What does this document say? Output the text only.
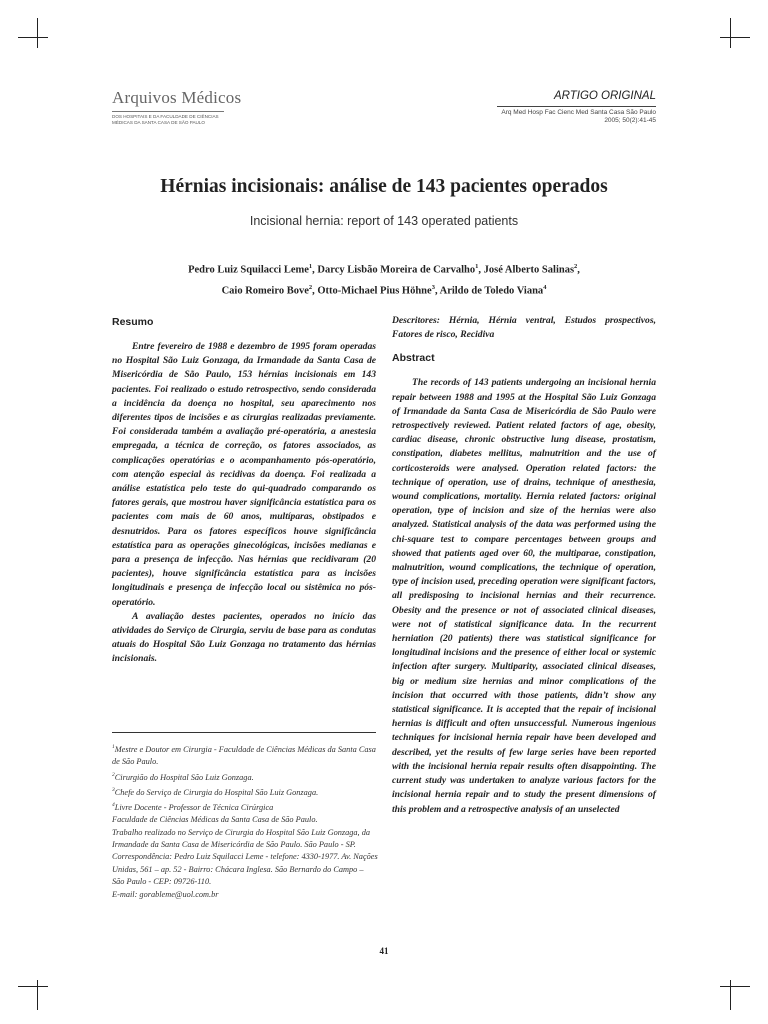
Arquivos Médicos
DOS HOSPITAIS E DA FACULDADE DE CIÊNCIAS
MÉDICAS DA SANTA CASA DE SÃO PAULO
ARTIGO ORIGINAL
Arq Med Hosp Fac Cienc Med Santa Casa São Paulo
2005; 50(2):41-45
Hérnias incisionais: análise de 143 pacientes operados
Incisional hernia: report of 143 operated patients
Pedro Luiz Squilacci Leme$^1$, Darcy Lisbão Moreira de Carvalho$^1$, José Alberto Salinas$^2$,
Caio Romeiro Bove$^2$, Otto-Michael Pius Höhne$^3$, Arildo de Toledo Viana$^4$
Resumo

Entre fevereiro de 1988 e dezembro de 1995 foram operadas no Hospital São Luiz Gonzaga, da Irmandade da Santa Casa de Misericórdia de São Paulo, 153 hérnias incisionais em 143 pacientes. Foi realizado o estudo retrospectivo, sendo considerada a incidência da doença no hospital, seu aparecimento nos diferentes tipos de incisões e as cirurgias realizadas previamente. Foi considerada também a avaliação pré-operatória, a anestesia empregada, a técnica de correção, os fatores associados, as complicações operatórias e o acompanhamento pós-operatório, com atenção especial às recidivas da doença. Foi realizada a análise estatística pelo teste do qui-quadrado comparando os fatores gerais, que mostrou haver significância estatística para os pacientes com mais de 60 anos, multíparas, obstipados e desnutridos. Para os fatores específicos houve significância estatística para as operações ginecológicas, incisões medianas e para a presença de infecção. Nas hérnias que recidivaram (20 pacientes), houve significância estatística para as incisões longitudinais e presença de infecção local ou sistêmica no pós-operatório.

A avaliação destes pacientes, operados no início das atividades do Serviço de Cirurgia, serviu de base para as condutas atuais do Hospital São Luiz Gonzaga no tratamento das hérnias incisionais.

$^1$Mestre e Doutor em Cirurgia - Faculdade de Ciências Médicas da Santa Casa de São Paulo.
$^2$Cirurgião do Hospital São Luiz Gonzaga.
$^3$Chefe do Serviço de Cirurgia do Hospital São Luiz Gonzaga.
$^4$Livre Docente - Professor de Técnica Cirúrgica
Faculdade de Ciências Médicas da Santa Casa de São Paulo.
Trabalho realizado no Serviço de Cirurgia do Hospital São Luiz Gonzaga, da Irmandade da Santa Casa de Misericórdia de São Paulo. São Paulo - SP.
Correspondência: Pedro Luiz Squilacci Leme - telefone: 4330-1977. Av. Nações Unidas, 561 – ap. 52 - Bairro: Chácara Inglesa. São Bernardo do Campo – São Paulo - CEP: 09726-110.
E-mail: gorableme@uol.com.br

Descritores: Hérnia, Hérnia ventral, Estudos prospectivos, Fatores de risco, Recidiva

Abstract

The records of 143 patients undergoing an incisional hernia repair between 1988 and 1995 at the Hospital São Luiz Gonzaga of Irmandade da Santa Casa de Misericórdia de São Paulo were retrospectively reviewed. Patient related factors of age, obesity, cardiac disease, chronic obstructive lung disease, prostatism, constipation, diabetes mellitus, malnutrition and the use of corticosteroids were analysed. Operation related factors: the technique of operation, use of drains, technique of anesthesia, wound complications, mortality. Hernia related factors: original operation, type of incision and size of the hernias were also analyzed. Statistical analysis of the data was performed using the chi-square test to compare percentages between groups and showed that patients aged over 60, the multiparae, constipation, malnutrition, wound complications, the technique of operation, type of incision used, preceding operation were significant factors, all predisposing to incisional hernias and their recurrence. Obesity and the presence or not of associated clinical diseases, were not of statistical significance data. In the recurrent herniation (20 patients) there was statistical significance for longitudinal incisions and the presence of either local or systemic infection after surgery. Multiparity, associated clinical diseases, big or medium size hernias and minor complications of the incision that occurred with those patients, didn’t show any statistical significance. It is accepted that the repair of incisional hernias is difficult and often unsuccessful. Numerous ingenious techniques for incisional hernia repair have been developed and described, yet the results of few large series have been reported with the incisional hernia repair results often disappointing. The current study was undertaken to analyze various factors for the incisional hernia repair and to study the present dimensions of this problem and a retrospective analysis of an unselected

41
